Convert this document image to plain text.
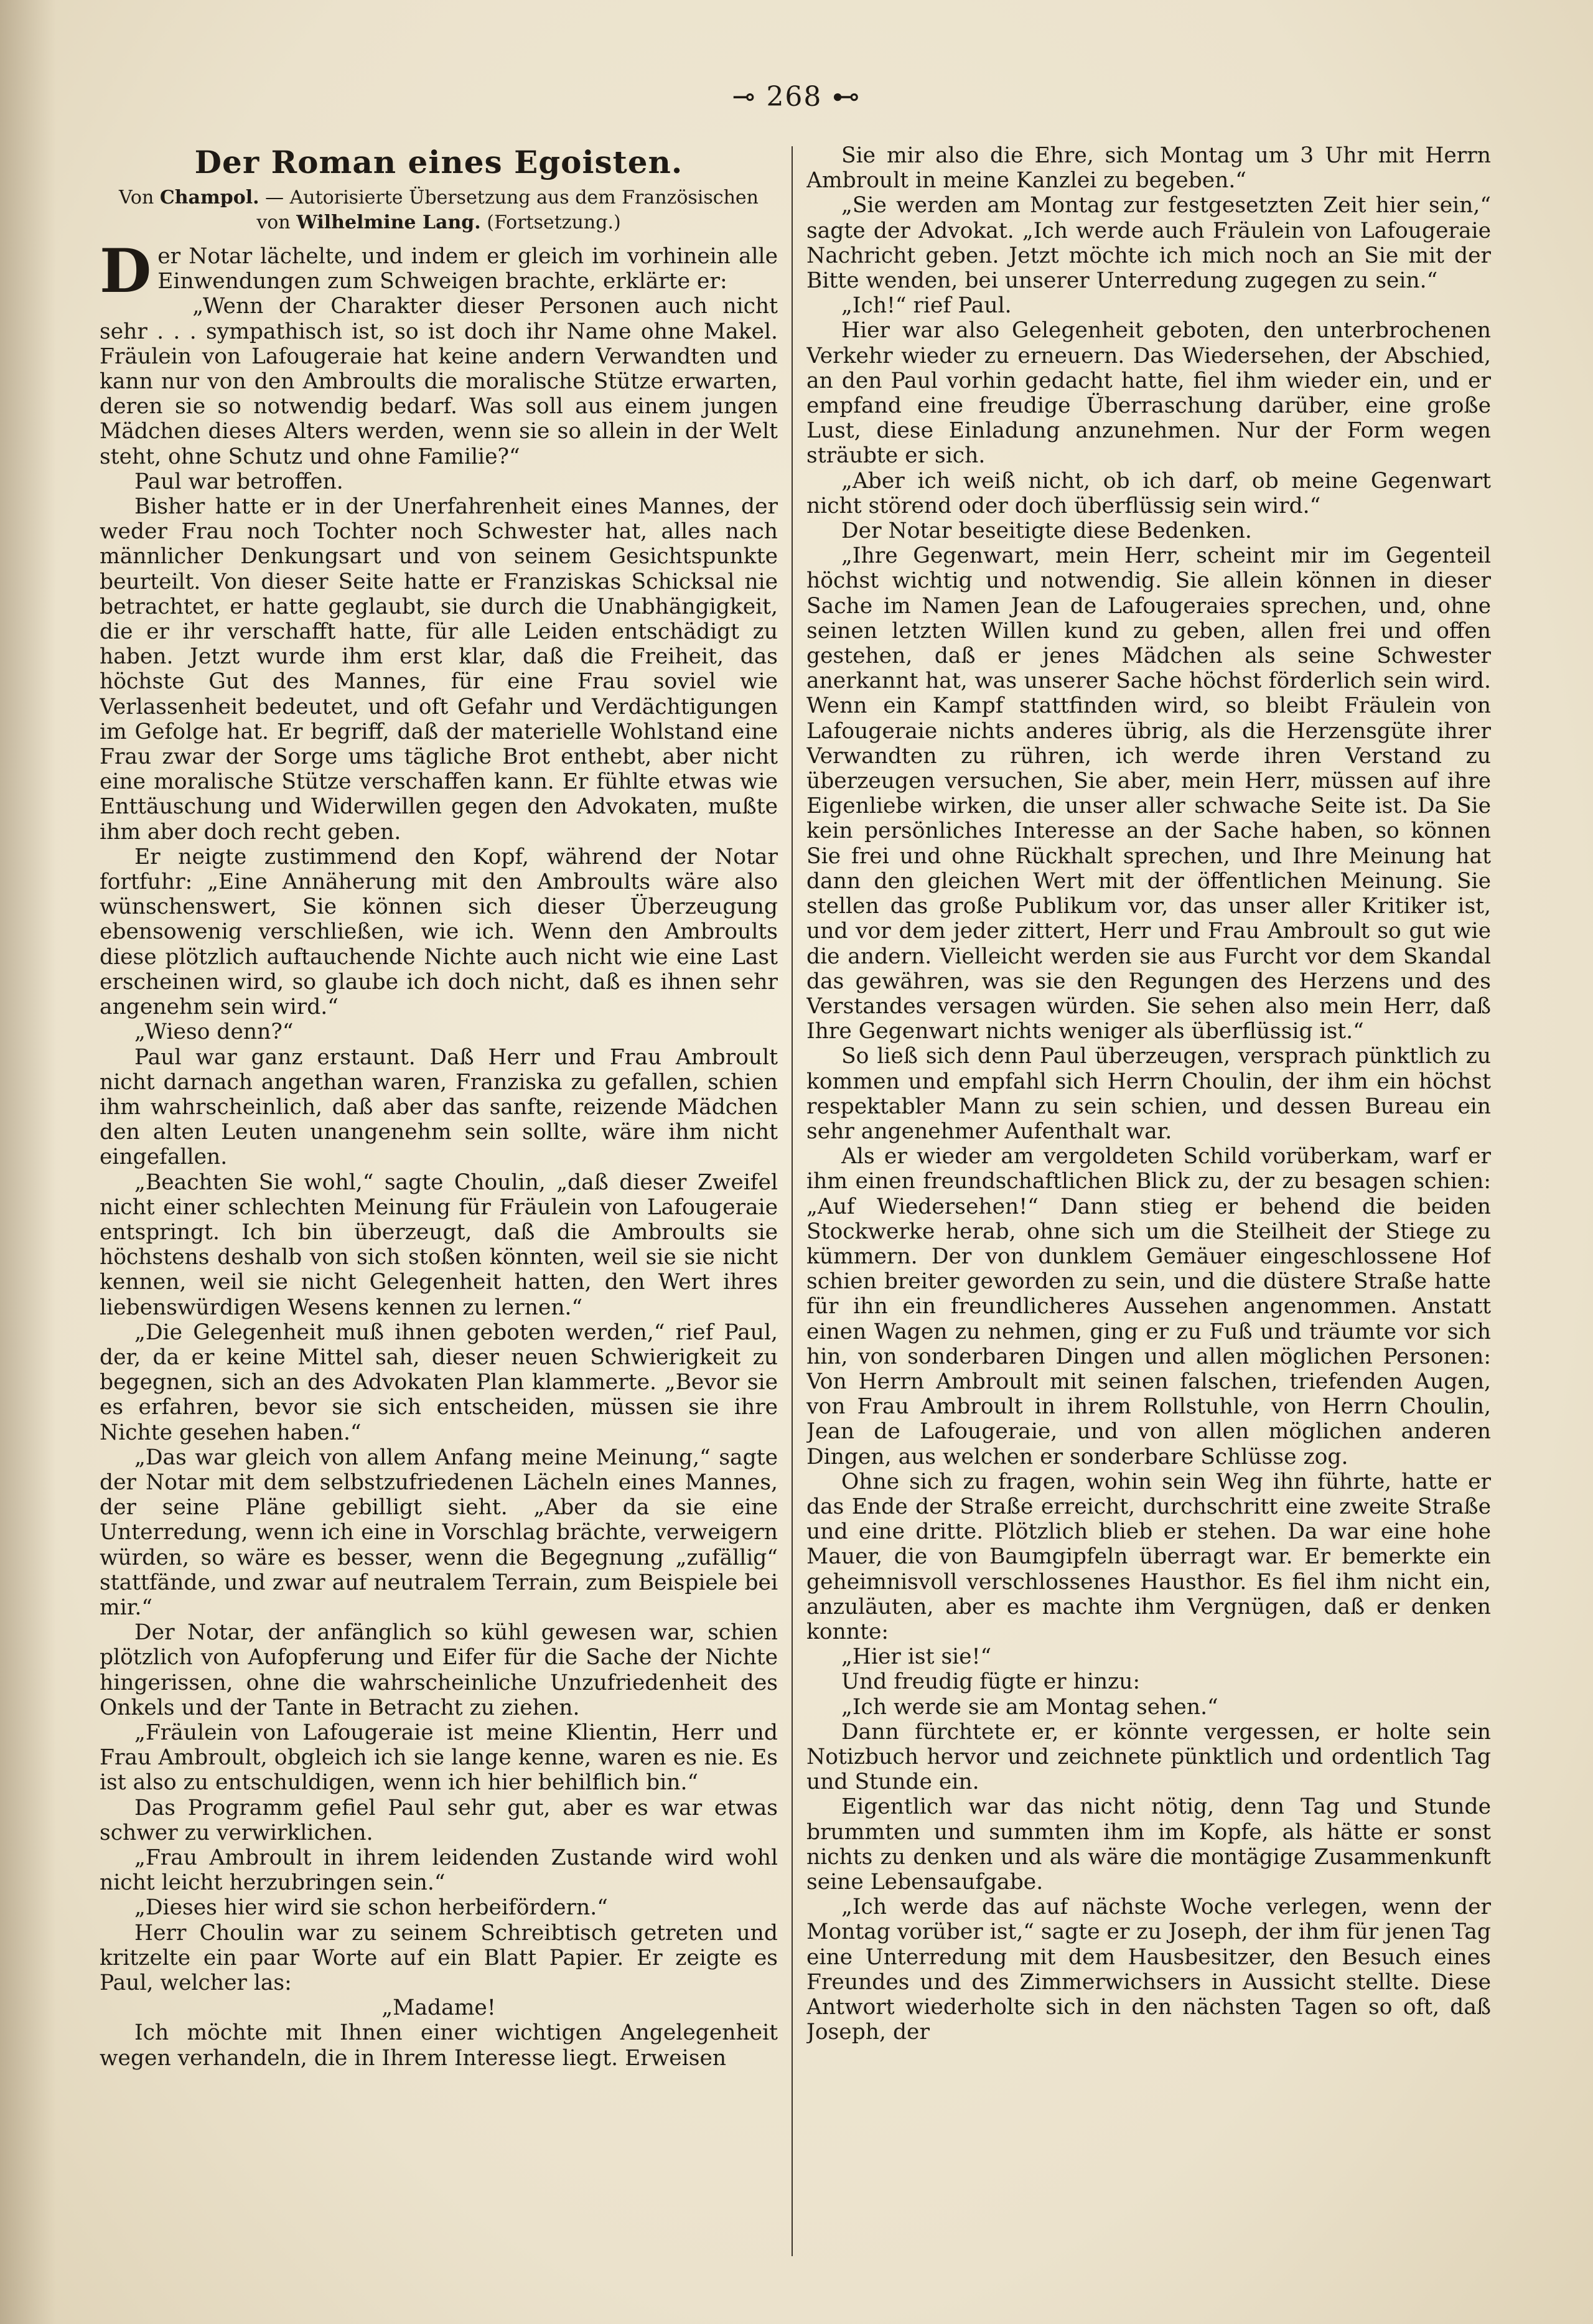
⊸ 268 ⊷
Der Roman eines Egoisten.
Von Champol. — Autorisierte Übersetzung aus dem Französischen von Wilhelmine Lang. (Fortsetzung.)

Der Notar lächelte, und indem er gleich im vorhinein alle Einwendungen zum Schweigen brachte, erklärte er:

„Wenn der Charakter dieser Personen auch nicht sehr . . . sympathisch ist, so ist doch ihr Name ohne Makel. Fräulein von Lafougeraie hat keine andern Verwandten und kann nur von den Ambroults die moralische Stütze erwarten, deren sie so notwendig bedarf. Was soll aus einem jungen Mädchen dieses Alters werden, wenn sie so allein in der Welt steht, ohne Schutz und ohne Familie?“

Paul war betroffen.

Bisher hatte er in der Unerfahrenheit eines Mannes, der weder Frau noch Tochter noch Schwester hat, alles nach männlicher Denkungsart und von seinem Gesichtspunkte beurteilt. Von dieser Seite hatte er Franziskas Schicksal nie betrachtet, er hatte geglaubt, sie durch die Unabhängigkeit, die er ihr verschafft hatte, für alle Leiden entschädigt zu haben. Jetzt wurde ihm erst klar, daß die Freiheit, das höchste Gut des Mannes, für eine Frau soviel wie Verlassenheit bedeutet, und oft Gefahr und Verdächtigungen im Gefolge hat. Er begriff, daß der materielle Wohlstand eine Frau zwar der Sorge ums tägliche Brot enthebt, aber nicht eine moralische Stütze verschaffen kann. Er fühlte etwas wie Enttäuschung und Widerwillen gegen den Advokaten, mußte ihm aber doch recht geben.

Er neigte zustimmend den Kopf, während der Notar fortfuhr: „Eine Annäherung mit den Ambroults wäre also wünschenswert, Sie können sich dieser Überzeugung ebensowenig verschließen, wie ich. Wenn den Ambroults diese plötzlich auftauchende Nichte auch nicht wie eine Last erscheinen wird, so glaube ich doch nicht, daß es ihnen sehr angenehm sein wird.“

„Wieso denn?“

Paul war ganz erstaunt. Daß Herr und Frau Ambroult nicht darnach angethan waren, Franziska zu gefallen, schien ihm wahrscheinlich, daß aber das sanfte, reizende Mädchen den alten Leuten unangenehm sein sollte, wäre ihm nicht eingefallen.

„Beachten Sie wohl,“ sagte Choulin, „daß dieser Zweifel nicht einer schlechten Meinung für Fräulein von Lafougeraie entspringt. Ich bin überzeugt, daß die Ambroults sie höchstens deshalb von sich stoßen könnten, weil sie sie nicht kennen, weil sie nicht Gelegenheit hatten, den Wert ihres liebenswürdigen Wesens kennen zu lernen.“

„Die Gelegenheit muß ihnen geboten werden,“ rief Paul, der, da er keine Mittel sah, dieser neuen Schwierigkeit zu begegnen, sich an des Advokaten Plan klammerte. „Bevor sie es erfahren, bevor sie sich entscheiden, müssen sie ihre Nichte gesehen haben.“

„Das war gleich von allem Anfang meine Meinung,“ sagte der Notar mit dem selbstzufriedenen Lächeln eines Mannes, der seine Pläne gebilligt sieht. „Aber da sie eine Unterredung, wenn ich eine in Vorschlag brächte, verweigern würden, so wäre es besser, wenn die Begegnung „zufällig“ stattfände, und zwar auf neutralem Terrain, zum Beispiele bei mir.“

Der Notar, der anfänglich so kühl gewesen war, schien plötzlich von Aufopferung und Eifer für die Sache der Nichte hingerissen, ohne die wahrscheinliche Unzufriedenheit des Onkels und der Tante in Betracht zu ziehen.

„Fräulein von Lafougeraie ist meine Klientin, Herr und Frau Ambroult, obgleich ich sie lange kenne, waren es nie. Es ist also zu entschuldigen, wenn ich hier behilflich bin.“

Das Programm gefiel Paul sehr gut, aber es war etwas schwer zu verwirklichen.

„Frau Ambroult in ihrem leidenden Zustande wird wohl nicht leicht herzubringen sein.“

„Dieses hier wird sie schon herbeifördern.“

Herr Choulin war zu seinem Schreibtisch getreten und kritzelte ein paar Worte auf ein Blatt Papier. Er zeigte es Paul, welcher las:

„Madame!

Ich möchte mit Ihnen einer wichtigen Angelegenheit wegen verhandeln, die in Ihrem Interesse liegt. Erweisen

Sie mir also die Ehre, sich Montag um 3 Uhr mit Herrn Ambroult in meine Kanzlei zu begeben.“

„Sie werden am Montag zur festgesetzten Zeit hier sein,“ sagte der Advokat. „Ich werde auch Fräulein von Lafougeraie Nachricht geben. Jetzt möchte ich mich noch an Sie mit der Bitte wenden, bei unserer Unterredung zugegen zu sein.“

„Ich!“ rief Paul.

Hier war also Gelegenheit geboten, den unterbrochenen Verkehr wieder zu erneuern. Das Wiedersehen, der Abschied, an den Paul vorhin gedacht hatte, fiel ihm wieder ein, und er empfand eine freudige Überraschung darüber, eine große Lust, diese Einladung anzunehmen. Nur der Form wegen sträubte er sich.

„Aber ich weiß nicht, ob ich darf, ob meine Gegenwart nicht störend oder doch überflüssig sein wird.“

Der Notar beseitigte diese Bedenken.

„Ihre Gegenwart, mein Herr, scheint mir im Gegenteil höchst wichtig und notwendig. Sie allein können in dieser Sache im Namen Jean de Lafougeraies sprechen, und, ohne seinen letzten Willen kund zu geben, allen frei und offen gestehen, daß er jenes Mädchen als seine Schwester anerkannt hat, was unserer Sache höchst förderlich sein wird. Wenn ein Kampf stattfinden wird, so bleibt Fräulein von Lafougeraie nichts anderes übrig, als die Herzensgüte ihrer Verwandten zu rühren, ich werde ihren Verstand zu überzeugen versuchen, Sie aber, mein Herr, müssen auf ihre Eigenliebe wirken, die unser aller schwache Seite ist. Da Sie kein persönliches Interesse an der Sache haben, so können Sie frei und ohne Rückhalt sprechen, und Ihre Meinung hat dann den gleichen Wert mit der öffentlichen Meinung. Sie stellen das große Publikum vor, das unser aller Kritiker ist, und vor dem jeder zittert, Herr und Frau Ambroult so gut wie die andern. Vielleicht werden sie aus Furcht vor dem Skandal das gewähren, was sie den Regungen des Herzens und des Verstandes versagen würden. Sie sehen also mein Herr, daß Ihre Gegenwart nichts weniger als überflüssig ist.“

So ließ sich denn Paul überzeugen, versprach pünktlich zu kommen und empfahl sich Herrn Choulin, der ihm ein höchst respektabler Mann zu sein schien, und dessen Bureau ein sehr angenehmer Aufenthalt war.

Als er wieder am vergoldeten Schild vorüberkam, warf er ihm einen freundschaftlichen Blick zu, der zu besagen schien: „Auf Wiedersehen!“ Dann stieg er behend die beiden Stockwerke herab, ohne sich um die Steilheit der Stiege zu kümmern. Der von dunklem Gemäuer eingeschlossene Hof schien breiter geworden zu sein, und die düstere Straße hatte für ihn ein freundlicheres Aussehen angenommen. Anstatt einen Wagen zu nehmen, ging er zu Fuß und träumte vor sich hin, von sonderbaren Dingen und allen möglichen Personen: Von Herrn Ambroult mit seinen falschen, triefenden Augen, von Frau Ambroult in ihrem Rollstuhle, von Herrn Choulin, Jean de Lafougeraie, und von allen möglichen anderen Dingen, aus welchen er sonderbare Schlüsse zog.

Ohne sich zu fragen, wohin sein Weg ihn führte, hatte er das Ende der Straße erreicht, durchschritt eine zweite Straße und eine dritte. Plötzlich blieb er stehen. Da war eine hohe Mauer, die von Baumgipfeln überragt war. Er bemerkte ein geheimnisvoll verschlossenes Hausthor. Es fiel ihm nicht ein, anzuläuten, aber es machte ihm Vergnügen, daß er denken konnte:

„Hier ist sie!“

Und freudig fügte er hinzu:

„Ich werde sie am Montag sehen.“

Dann fürchtete er, er könnte vergessen, er holte sein Notizbuch hervor und zeichnete pünktlich und ordentlich Tag und Stunde ein.

Eigentlich war das nicht nötig, denn Tag und Stunde brummten und summten ihm im Kopfe, als hätte er sonst nichts zu denken und als wäre die montägige Zusammenkunft seine Lebensaufgabe.

„Ich werde das auf nächste Woche verlegen, wenn der Montag vorüber ist,“ sagte er zu Joseph, der ihm für jenen Tag eine Unterredung mit dem Hausbesitzer, den Besuch eines Freundes und des Zimmerwichsers in Aussicht stellte. Diese Antwort wiederholte sich in den nächsten Tagen so oft, daß Joseph, der
